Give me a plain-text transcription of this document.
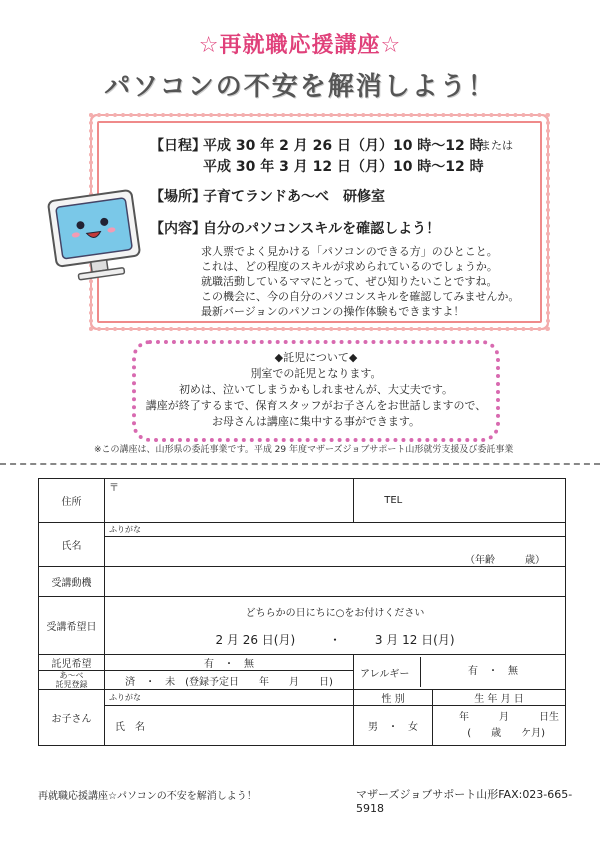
☆再就職応援講座☆
パソコンの不安を解消しよう！
【日程】
平成 30 年 2 月 26 日（月）10 時〜12 時
または
平成 30 年 3 月 12 日（月）10 時〜12 時
【場所】
子育てランドあ〜べ　研修室
【内容】
自分のパソコンスキルを確認しよう！
求人票でよく見かける「パソコンのできる方」のひとこと。
これは、どの程度のスキルが求められているのでしょうか。
就職活動しているママにとって、ぜひ知りたいことですね。
この機会に、今の自分のパソコンスキルを確認してみませんか。
最新バージョンのパソコンの操作体験もできますよ！
◆託児について◆
別室での託児となります。
初めは、泣いてしまうかもしれませんが、大丈夫です。
講座が終了するまで、保育スタッフがお子さんをお世話しますので、
お母さんは講座に集中する事ができます。
※この講座は、山形県の委託事業です。平成 29 年度マザーズジョブサポート山形就労支援及び委託事業
住所	〒	TEL	
氏名	ふりがな		
	（年齢　　　歳）		
受講動機			
受講希望日	どちらかの日にちに○をお付けください
2 月 26 日(月) ・ 3 月 12 日(月)		

託児希望	有　・　無	アレルギー 有　・　無	

あ〜べ
託児登録	済　・　未　(登録予定日　　年　　月　　日)		
お子さん	ふりがな	性 別	生 年 月 日
	氏　名	男　・　女	年　　　月　　　日生
(　　歳　　ケ月)
再就職応援講座☆パソコンの不安を解消しよう！	マザーズジョブサポート山形FAX:023-665-5918
